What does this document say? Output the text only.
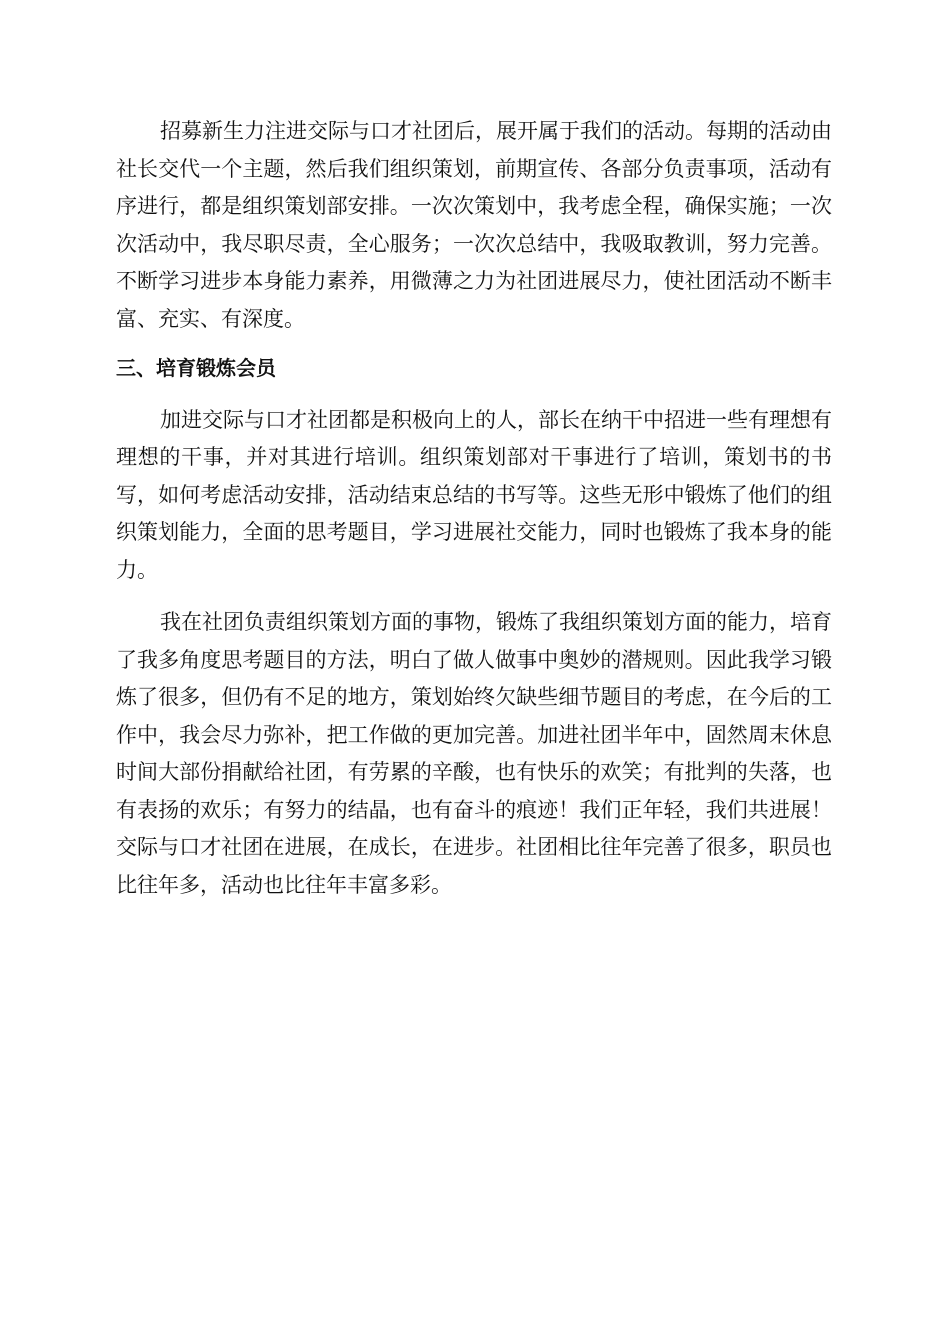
招募新生力注进交际与口才社团后，展开属于我们的活动。每期的活动由社长交代一个主题，然后我们组织策划，前期宣传、各部分负责事项，活动有序进行，都是组织策划部安排。一次次策划中，我考虑全程，确保实施；一次次活动中，我尽职尽责，全心服务；一次次总结中，我吸取教训，努力完善。不断学习进步本身能力素养，用微薄之力为社团进展尽力，使社团活动不断丰富、充实、有深度。

三、培育锻炼会员

加进交际与口才社团都是积极向上的人，部长在纳干中招进一些有理想有理想的干事，并对其进行培训。组织策划部对干事进行了培训，策划书的书写，如何考虑活动安排，活动结束总结的书写等。这些无形中锻炼了他们的组织策划能力，全面的思考题目，学习进展社交能力，同时也锻炼了我本身的能力。

我在社团负责组织策划方面的事物，锻炼了我组织策划方面的能力，培育了我多角度思考题目的方法，明白了做人做事中奥妙的潜规则。因此我学习锻炼了很多，但仍有不足的地方，策划始终欠缺些细节题目的考虑，在今后的工作中，我会尽力弥补，把工作做的更加完善。加进社团半年中，固然周末休息时间大部份捐献给社团，有劳累的辛酸，也有快乐的欢笑；有批判的失落，也有表扬的欢乐；有努力的结晶，也有奋斗的痕迹！我们正年轻，我们共进展！交际与口才社团在进展，在成长，在进步。社团相比往年完善了很多，职员也比往年多，活动也比往年丰富多彩。
